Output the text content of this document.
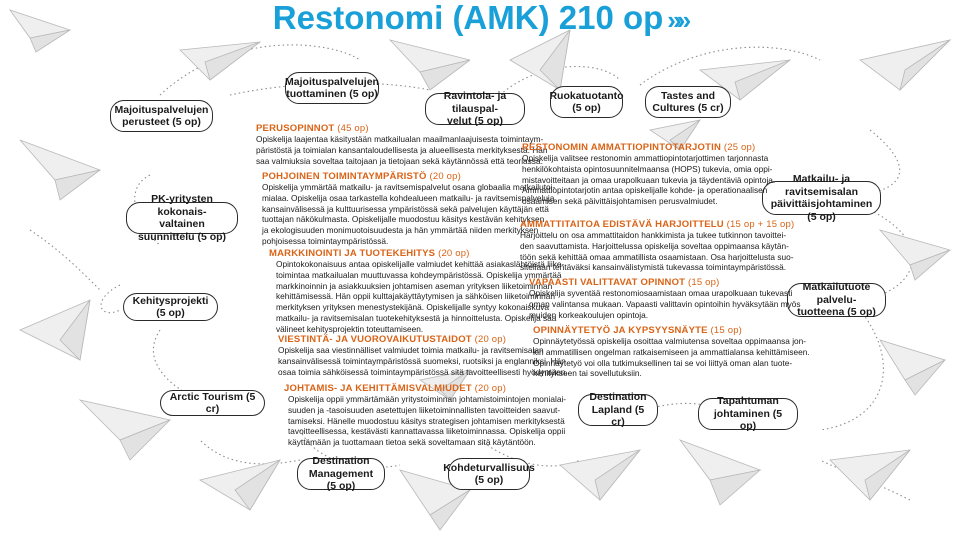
Restonomi (AMK) 210 op »»
Majoituspalvelujen
perusteet (5 op)
Majoituspalvelujen
tuottaminen (5 op)	Ravintola- ja tilauspal-
velut (5 op)
Ruokatuotanto
(5 op)
Tastes and
Cultures (5 cr)
PK-yritysten kokonais-
valtainen suunnittelu (5 op)
Matkailu- ja ravitsemisalan
päivittäisjohtaminen (5 op)
Kehitysprojekti (5 op)
Matkailutuote palvelu-
tuotteena (5 op)
Arctic Tourism (5 cr)
Destination
Lapland (5 cr)
Tapahtuman
johtaminen (5 op)
Destination
Management (5 op)
Kohdeturvallisuus
(5 op)
PERUSOPINNOT (45 op)
Opiskelija laajentaa käsitystään matkailualan maailmanlaajuisesta toimintaym-
päristöstä ja toimialan kansantaloudellisesta ja alueellisesta merkityksestä. Hän
saa valmiuksia soveltaa taitojaan ja tietojaan sekä käytännössä että teoriassa.
POHJOINEN TOIMINTAYMPÄRISTÖ (20 op)
Opiskelija ymmärtää matkailu- ja ravitsemispalvelut osana globaalia matkailutoi-
mialaa. Opiskelija osaa tarkastella kohdealueen matkailu- ja ravitsemispalveluja
kansainvälisessä ja kulttuurisessa ympäristössä sekä palvelujen käyttäjän että
tuottajan näkökulmasta. Opiskelijalle muodostuu käsitys kestävän kehityksen
ja ekologisuuden monimuotoisuudesta ja hän ymmärtää niiden merkityksen
pohjoisessa toimintaympäristössä.
MARKKINOINTI JA TUOTEKEHITYS (20 op)
Opintokokonaisuus antaa opiskelijalle valmiudet kehittää asiakaslähtöistä liike-
toimintaa matkailualan muuttuvassa kohdeympäristössä. Opiskelija ymmärtää
markkinoinnin ja asiakkuuksien johtamisen aseman yrityksen liiketoiminnan
kehittämisessä. Hän oppii kulttajakäyttäytymisen ja sähköisen liiketoiminnan
merkityksen yrityksen menestystekijänä. Opiskelijalle syntyy kokonaiskuva
matkailu- ja ravitsemisalan tuotekehityksestä ja hinnoittelusta. Opiskelija saa
välineet kehitysprojektin toteuttamiseen.
VIESTINTÄ- JA VUOROVAIKUTUSTAIDOT (20 op)
Opiskelija saa viestinnälliset valmiudet toimia matkailu- ja ravitsemisalan
kansainvälisessä toimintaympäristössä suomeksi, ruotsiksi ja englanniksi. Hän
osaa toimia sähköisessä toimintaympäristössä sitä tavoitteellisesti hyödyntäen.
JOHTAMIS- JA KEHITTÄMISVALMIUDET (20 op)
Opiskelija oppii ymmärtämään yritystoiminnan johtamistoimintojen monialai-
suuden ja -tasoisuuden asetettujen liiketoiminnallisten tavoitteiden saavut-
tamiseksi. Hänelle muodostuu käsitys strategisen johtamisen merkityksestä
tavoitteellisessa, kestävästi kannattavassa liiketoiminnassa. Opiskelija oppii
käyttämään ja tuottamaan tietoa sekä soveltamaan sitä käytäntöön.
RESTONOMIN AMMATTIOPINTOTARJOTIN (25 op)
Opiskelija valitsee restonomin ammattiopintotarjottimen tarjonnasta
henkilökohtaista opintosuunnitelmaansa (HOPS) tukevia, omia oppi-
mistavoitteitaan ja omaa urapolkuaan tukevia ja täydentäviä opintoja.
Ammattiopintotarjotin antaa opiskelijalle kohde- ja operationaalisen
osaamisen sekä päivittäisjohtamisen perusvalmiudet.
AMMATTITAITOA EDISTÄVÄ HARJOITTELU (15 op + 15 op)
Harjoittelu on osa ammattitaidon hankkimista ja tukee tutkinnon tavoittei-
den saavuttamista. Harjoittelussa opiskelija soveltaa oppimaansa käytän-
töön sekä kehittää omaa ammatillista osaamistaan. Osa harjoittelusta suo-
sitellaan tehtäväksi kansainvälistymistä tukevassa toimintaympäristössä.
VAPAASTI VALITTAVAT OPINNOT (15 op)
Opiskelija syventää restonomiosaamistaan omaa urapolkuaan tukevasti
oman valintansa mukaan. Vapaasti valittavin opintoihin hyväksytään myös
muiden korkeakoulujen opintoja.
OPINNÄYTETYÖ JA KYPSYYSNÄYTE (15 op)
Opinnäytetyössä opiskelija osoittaa valmiutensa soveltaa oppimaansa jon-
kin ammatillisen ongelman ratkaisemiseen ja ammattialansa kehittämiseen.
Opinnäytetyö voi olla tutkimuksellinen tai se voi liittyä oman alan tuote-
kehitykseen tai sovellutuksiin.
